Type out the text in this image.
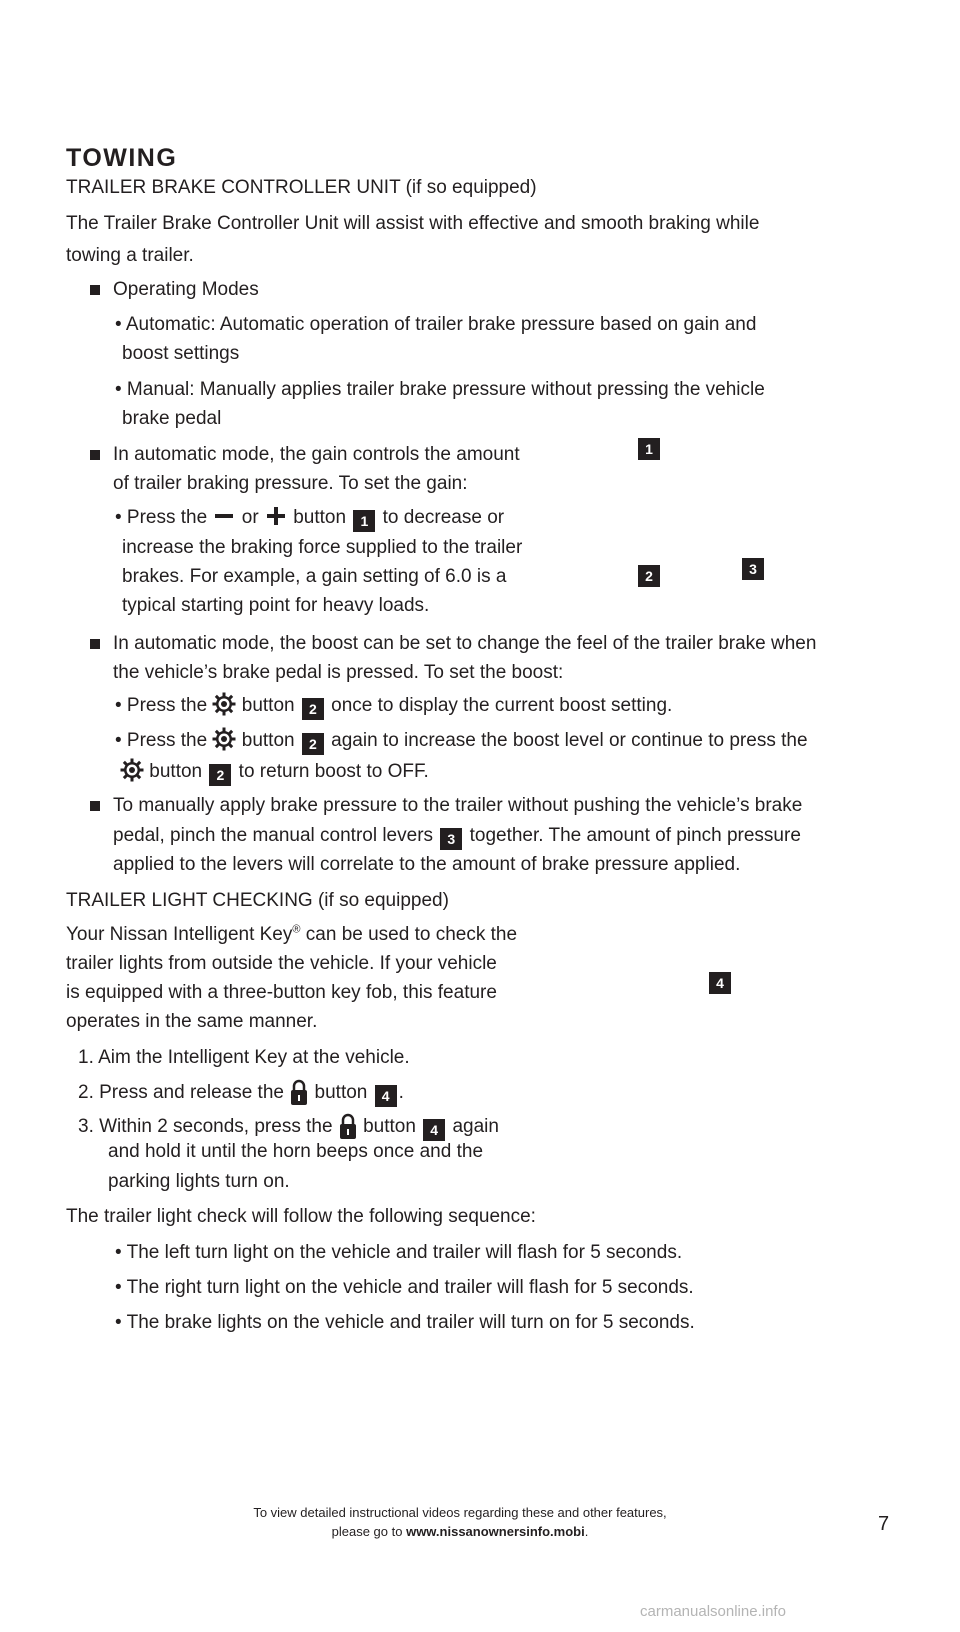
TOWING
TRAILER BRAKE CONTROLLER UNIT (if so equipped)
The Trailer Brake Controller Unit will assist with effective and smooth braking while
towing a trailer.
Operating Modes
• Automatic: Automatic operation of trailer brake pressure based on gain and
boost settings
• Manual: Manually applies trailer brake pressure without pressing the vehicle
brake pedal
In automatic mode, the gain controls the amount
of trailer braking pressure. To set the gain:
• Press the or button 1 to decrease or
increase the braking force supplied to the trailer
brakes. For example, a gain setting of 6.0 is a
typical starting point for heavy loads.
1
2	3
In automatic mode, the boost can be set to change the feel of the trailer brake when
the vehicle’s brake pedal is pressed. To set the boost:
• Press the button 2 once to display the current boost setting.
• Press the button 2 again to increase the boost level or continue to press the
button 2 to return boost to OFF.
To manually apply brake pressure to the trailer without pushing the vehicle’s brake
pedal, pinch the manual control levers 3 together. The amount of pinch pressure
applied to the levers will correlate to the amount of brake pressure applied.
TRAILER LIGHT CHECKING (if so equipped)
Your Nissan Intelligent Key® can be used to check the
trailer lights from outside the vehicle. If your vehicle
is equipped with a three-button key fob, this feature
operates in the same manner.
4
1. Aim the Intelligent Key at the vehicle.
2. Press and release the button 4 .
3. Within 2 seconds, press the button 4 again
and hold it until the horn beeps once and the
parking lights turn on.
The trailer light check will follow the following sequence:
• The left turn light on the vehicle and trailer will flash for 5 seconds.
• The right turn light on the vehicle and trailer will flash for 5 seconds.
• The brake lights on the vehicle and trailer will turn on for 5 seconds.
To view detailed instructional videos regarding these and other features,
please go to www.nissanownersinfo.mobi.	7
carmanualsonline.info
